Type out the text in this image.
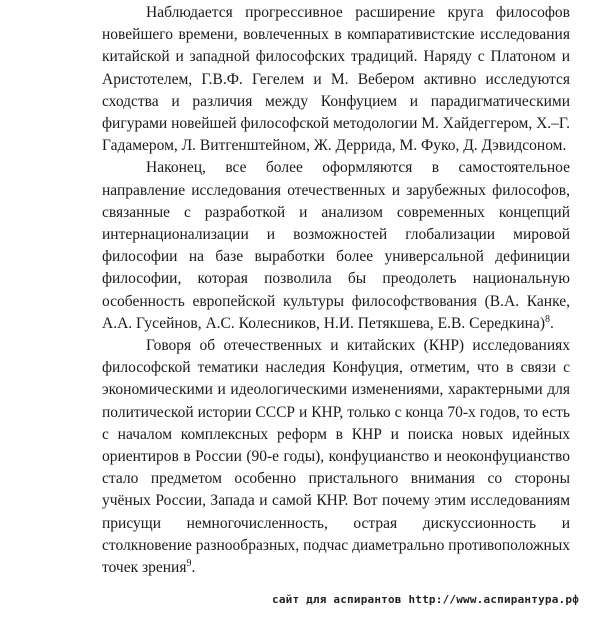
Наблюдается прогрессивное расширение круга философов новейшего времени, вовлеченных в компаративистские исследования китайской и западной философских традиций. Наряду с Платоном и Аристотелем, Г.В.Ф. Гегелем и М. Вебером активно исследуются сходства и различия между Конфуцием и парадигматическими фигурами новейшей философской методологии М. Хайдеггером, Х.–Г. Гадамером, Л. Витгенштейном, Ж. Деррида, М. Фуко, Д. Дэвидсоном.

Наконец, все более оформляются в самостоятельное направление исследования отечественных и зарубежных философов, связанные с разработкой и анализом современных концепций интернационализации и возможностей глобализации мировой философии на базе выработки более универсальной дефиниции философии, которая позволила бы преодолеть национальную особенность европейской культуры философствования (В.А. Канке, А.А. Гусейнов, А.С. Колесников, Н.И. Петякшева, Е.В. Середкина)$^8$.

Говоря об отечественных и китайских (КНР) исследованиях философской тематики наследия Конфуция, отметим, что в связи с экономическими и идеологическими изменениями, характерными для политической истории СССР и КНР, только с конца 70-х годов, то есть с началом комплексных реформ в КНР и поиска новых идейных ориентиров в России (90-е годы), конфуцианство и неоконфуцианство стало предметом особенно пристального внимания со стороны учёных России, Запада и самой КНР. Вот почему этим исследованиям присущи немногочисленность, острая дискуссионность и столкновение разнообразных, подчас диаметрально противоположных точек зрения$^9$.

сайт для аспирантов http://www.аспирантура.рф
